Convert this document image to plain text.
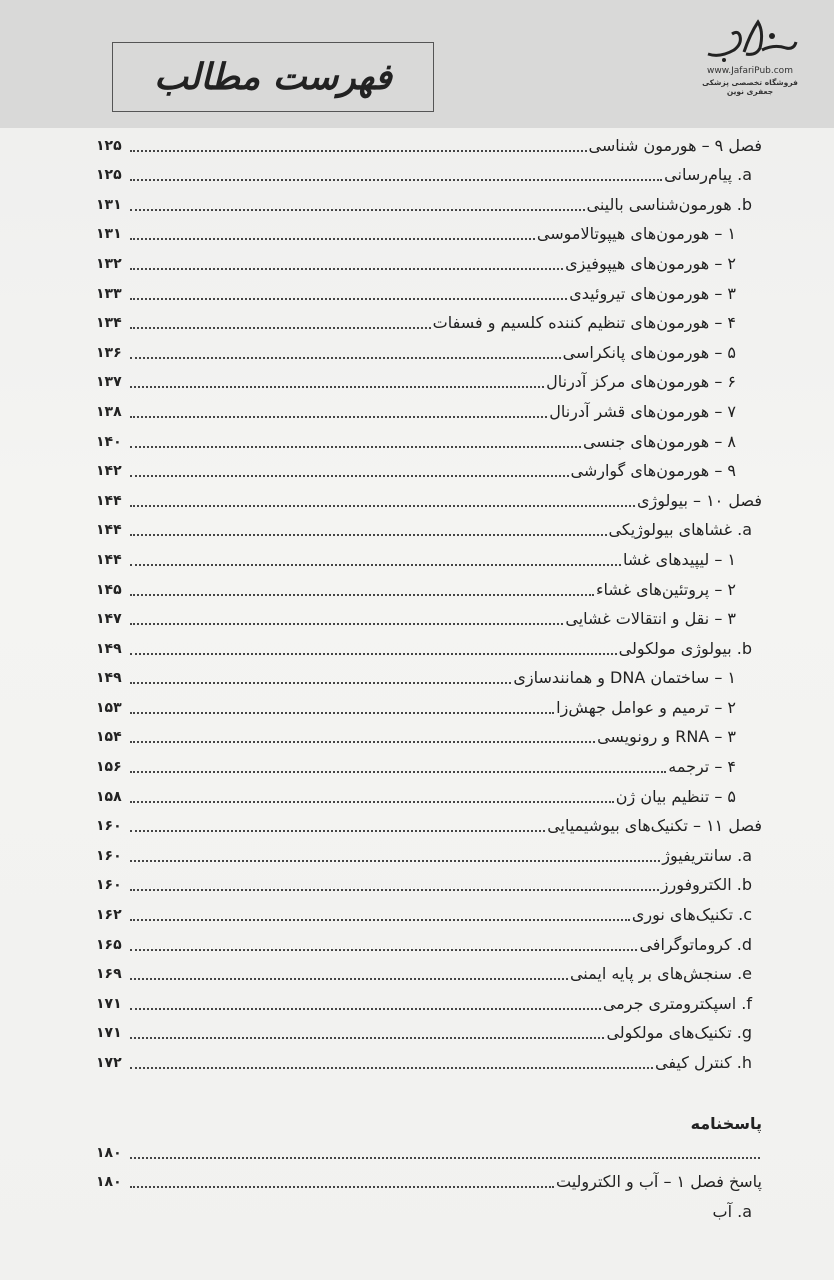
فهرست مطالب	www.JafariPub.com
فروشگاه تخصصی پزشکی جعفری نوین
فصل ۹ – هورمون شناسی
۱۲۵
a. پیام‌رسانی
۱۲۵
b. هورمون‌شناسی بالینی
۱۳۱
۱ – هورمون‌های هیپوتالاموسی
۱۳۱
۲ – هورمون‌های هیپوفیزی
۱۳۲
۳ – هورمون‌های تیروئیدی
۱۳۳
۴ – هورمون‌های تنظیم کننده کلسیم و فسفات
۱۳۴
۵ – هورمون‌های پانکراسی
۱۳۶
۶ – هورمون‌های مرکز آدرنال
۱۳۷
۷ – هورمون‌های قشر آدرنال
۱۳۸
۸ – هورمون‌های جنسی
۱۴۰
۹ – هورمون‌های گوارشی
۱۴۲
فصل ۱۰ – بیولوژی
۱۴۴
a. غشاهای بیولوژیکی
۱۴۴
۱ – لیپیدهای غشا
۱۴۴
۲ – پروتئین‌های غشاء
۱۴۵
۳ – نقل و انتقالات غشایی
۱۴۷
b. بیولوژی مولکولی
۱۴۹
۱ – ساختمان DNA و همانندسازی
۱۴۹
۲ – ترمیم و عوامل جهش‌زا
۱۵۳
۳ – RNA و رونویسی
۱۵۴
۴ – ترجمه
۱۵۶
۵ – تنظیم بیان ژن
۱۵۸
فصل ۱۱ – تکنیک‌های بیوشیمیایی
۱۶۰
a. سانتریفیوژ
۱۶۰
b. الکتروفورز
۱۶۰
c. تکنیک‌های نوری
۱۶۲
d. کروماتوگرافی
۱۶۵
e. سنجش‌های بر پایه ایمنی
۱۶۹
f. اسپکترومتری جرمی
۱۷۱
g. تکنیک‌های مولکولی
۱۷۱
h. کنترل کیفی
۱۷۲
پاسخنامه
۱۸۰
پاسخ فصل ۱ – آب و الکترولیت
۱۸۰
a. آب
